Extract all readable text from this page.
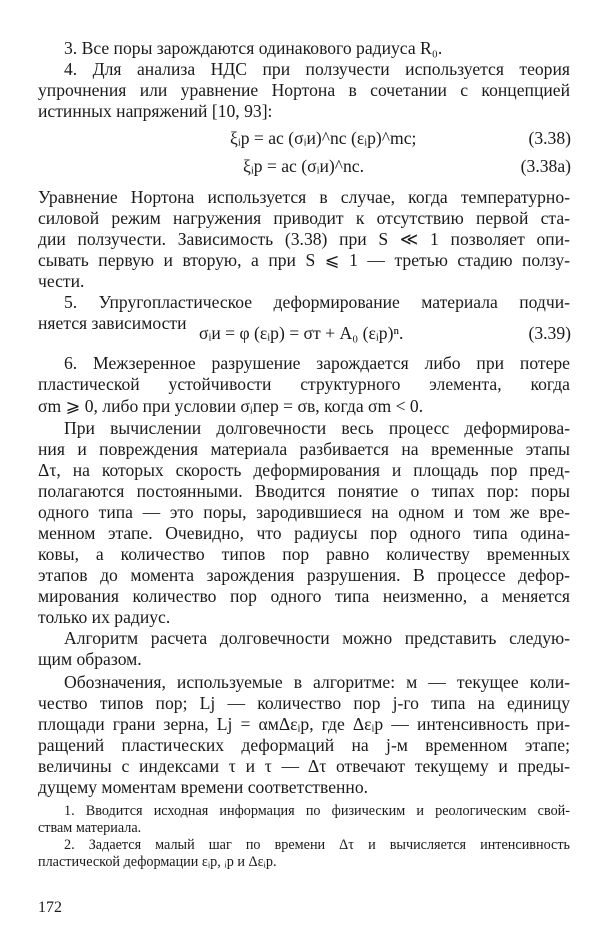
3. Все поры зарождаются одинакового радиуса R₀.
4. Для анализа НДС при ползучести используется теория
упрочнения или уравнение Нортона в сочетании с концепцией
истинных напряжений [10, 93]:
ξᵢp = aс (σᵢи)^nс (εᵢp)^mс;	(3.38)
ξᵢp = aс (σᵢи)^nс.	(3.38a)
Уравнение Нортона используется в случае, когда температурно-
силовой режим нагружения приводит к отсутствию первой ста-
дии ползучести. Зависимость (3.38) при S ≪ 1 позволяет опи-
сывать первую и вторую, а при S ⩽ 1 — третью стадию ползу-
чести.
5. Упругопластическое деформирование материала подчи-
няется зависимости σᵢи = φ (εᵢp) = σт + A₀ (εᵢp)ⁿ.	(3.39)
6. Межзеренное разрушение зарождается либо при потере
пластической устойчивости структурного элемента, когда
σm ⩾ 0, либо при условии σᵢпер = σв, когда σm < 0.
При вычислении долговечности весь процесс деформирова-
ния и повреждения материала разбивается на временные этапы
Δτ, на которых скорость деформирования и площадь пор пред-
полагаются постоянными. Вводится понятие о типах пор: поры
одного типа — это поры, зародившиеся на одном и том же вре-
менном этапе. Очевидно, что радиусы пор одного типа одина-
ковы, а количество типов пор равно количеству временных
этапов до момента зарождения разрушения. В процессе дефор-
мирования количество пор одного типа неизменно, а меняется
только их радиус.
Алгоритм расчета долговечности можно представить следую-
щим образом.
Обозначения, используемые в алгоритме: м — текущее коли-
чество типов пор; Lj — количество пор j-го типа на единицу
площади грани зерна, Lj = αмΔεᵢp, где Δεᵢp — интенсивность при-
ращений пластических деформаций на j-м временном этапе;
величины с индексами τ и τ — Δτ отвечают текущему и преды-
дущему моментам времени соответственно.
1. Вводится исходная информация по физическим и реологическим свой-
ствам материала.
2. Задается малый шаг по времени Δτ и вычисляется интенсивность
пластической деформации εᵢp, ᵢp и Δεᵢp.
172
